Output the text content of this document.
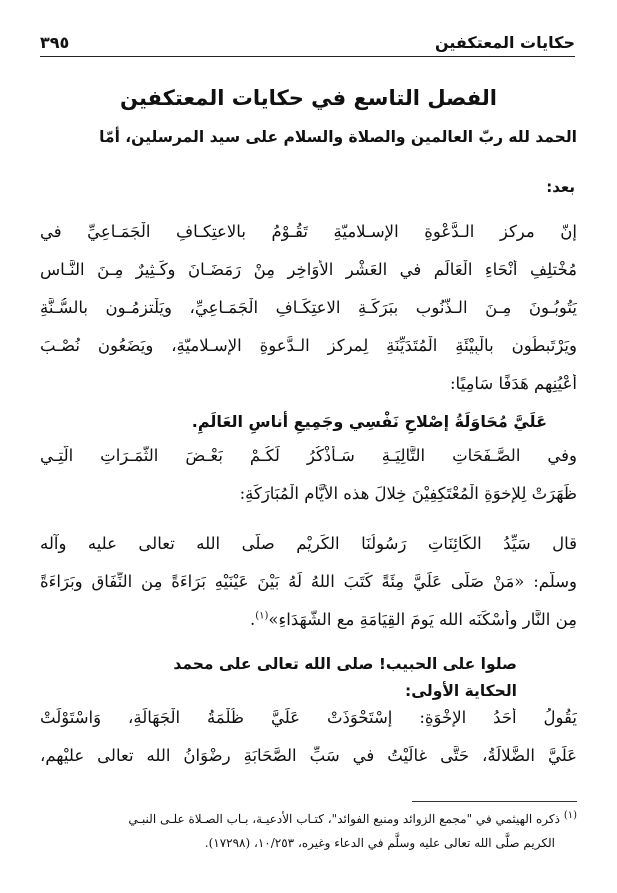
حكايات المعتكفين
٣٩٥
الفصل التاسع في حكايات المعتكفين
الحمد لله ربّ العالمين والصلاة والسلام على سيد المرسلين، أمّا
بعد:
إنّ مركز الـدَّعْوةِ الإسـلاميّةِ تَقُـوْمُ بالاعتِكـافِ الْجَمَـاعِيِّ في
مُخْتلِفِ أَنْحَاءِ الْعَالَمِ في العَشْرِ الأَوَاخِرِ مِنْ رَمَضَـانَ وكَـثِيرٌ مِـنَ النَّـاسِ
يَتُوبُـونَ مِـنَ الـذُّنُوبِ ببَرَكَـةِ الاعتِكَـافِ الْجَمَـاعِيِّ، ويَلْتزِمُـون بالسُّـنَّةِ
ويَرْتَبطُون بالْبِيْئَةِ الْمُتَدَيِّنَةِ لِمركز الـدَّعوةِ الإسـلاميّةِ، ويَضَعُون نُصْـبَ
أَعْيُنِهم هَدَفًا سَامِيًا:
عَلَيَّ مُحَاوَلَةُ إصْلاحِ نَفْسِي وجَمِيعِ أناسِ العَالَمِ.
وفي الصَّـفَحَاتِ التَّالِيَـةِ سَـأَذْكُرُ لَكُـمْ بَعْـضَ الثَّمَـرَاتِ الَّتِـي
ظَهَرَتْ لِلإخوَةِ الْمُعْتَكِفِيْنَ خِلالَ هذه الأَيَّامِ الْمُبَارَكَةِ:
قال سَيِّدُ الكَائِنَاتِ رَسُولُنَا الكَرِيْمِ صلَّى الله تعالى عليه وآله
وسلَّم: «مَنْ صَلَّى عَلَيَّ مِئَةً كَتَبَ اللهُ لَهُ بَيْنَ عَيْنَيْهِ بَرَاءَةً مِن النِّفَاقِ وبَرَاءَةً
مِن النَّارِ وأَسْكَنَه الله يَومَ القِيَامَةِ مع الشُّهَدَاءِ»$^{(١)}$.
صلوا على الحبيب! صلى الله تعالى على محمد
الحكاية الأولى:
يَقُولُ أَحَدُ الإخْوَةِ: إِسْتَحْوَذَتْ عَلَيَّ ظُلْمَةُ الْجَهَالَةِ، وَاسْتَوْلَتْ
عَلَيَّ الضَّلالَةُ، حَتَّى غالَيْتُ في سَبِّ الصَّحَابَةِ رِضْوَانُ الله تعالى عليْهم،
$^{(١)}$ ذكره الهيثمي في "مجمع الزوائد ومنبع الفوائد"، كتـاب الأدعيـة، بـاب الصـلاة علـى النبـي
الكريم صلَّى الله تعالى عليه وسلَّم في الدعاء وغيره، ١٠/٢٥٣، (١٧٢٩٨).
